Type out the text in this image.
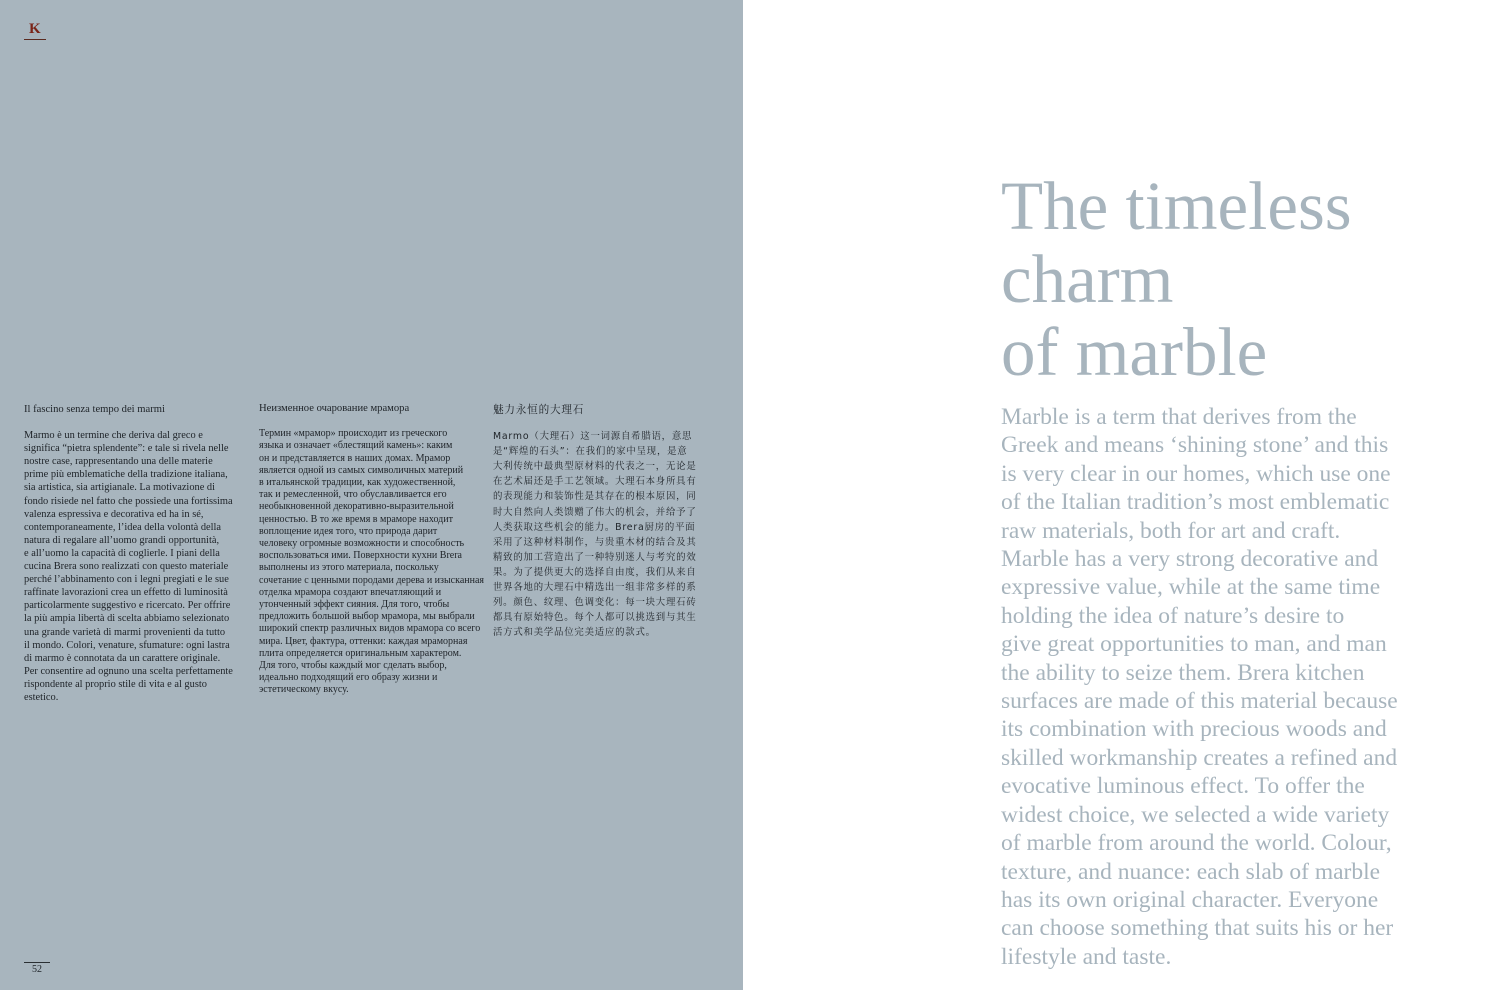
K

Il fascino senza tempo dei marmi

Marmo è un termine che deriva dal greco e
significa “pietra splendente”: e tale si rivela nelle
nostre case, rappresentando una delle materie
prime più emblematiche della tradizione italiana,
sia artistica, sia artigianale. La motivazione di
fondo risiede nel fatto che possiede una fortissima
valenza espressiva e decorativa ed ha in sé,
contemporaneamente, l’idea della volontà della
natura di regalare all’uomo grandi opportunità,
e all’uomo la capacità di coglierle. I piani della
cucina Brera sono realizzati con questo materiale
perché l’abbinamento con i legni pregiati e le sue
raffinate lavorazioni crea un effetto di luminosità
particolarmente suggestivo e ricercato. Per offrire
la più ampia libertà di scelta abbiamo selezionato
una grande varietà di marmi provenienti da tutto
il mondo. Colori, venature, sfumature: ogni lastra
di marmo è connotata da un carattere originale.
Per consentire ad ognuno una scelta perfettamente
rispondente al proprio stile di vita e al gusto
estetico.

Неизменное очарование мрамора

Термин «мрамор» происходит из греческого
языка и означает «блестящий камень»: каким
он и представляется в наших домах. Мрамор
является одной из самых символичных материй
в итальянской традиции, как художественной,
так и ремесленной, что обуславливается его
необыкновенной декоративно-выразительной
ценностью. В то же время в мраморе находит
воплощение идея того, что природа дарит
человеку огромные возможности и способность
воспользоваться ими. Поверхности кухни Brera
выполнены из этого материала, поскольку
сочетание с ценными породами дерева и изысканная
отделка мрамора создают впечатляющий и
утонченный эффект сияния. Для того, чтобы
предложить большой выбор мрамора, мы выбрали
широкий спектр различных видов мрамора со всего
мира. Цвет, фактура, оттенки: каждая мраморная
плита определяется оригинальным характером.
Для того, чтобы каждый мог сделать выбор,
идеально подходящий его образу жизни и
эстетическому вкусу.

魅力永恒的大理石

Marmo（大理石）这一词源自希腊语，意思
是“辉煌的石头”：在我们的家中呈现，是意
大利传统中最典型原材料的代表之一，无论是
在艺术届还是手工艺领域。大理石本身所具有
的表现能力和装饰性是其存在的根本原因，同
时大自然向人类馈赠了伟大的机会，并给予了
人类获取这些机会的能力。Brera厨房的平面
采用了这种材料制作，与贵重木材的结合及其
精致的加工营造出了一种特别迷人与考究的效
果。为了提供更大的选择自由度，我们从来自
世界各地的大理石中精选出一组非常多样的系
列。颜色、纹理、色调变化：每一块大理石砖
都具有原始特色。每个人都可以挑选到与其生
活方式和美学品位完美适应的款式。

52
The timeless
charm
of marble

Marble is a term that derives from the
Greek and means ‘shining stone’ and this
is very clear in our homes, which use one
of the Italian tradition’s most emblematic
raw materials, both for art and craft.
Marble has a very strong decorative and
expressive value, while at the same time
holding the idea of nature’s desire to
give great opportunities to man, and man
the ability to seize them. Brera kitchen
surfaces are made of this material because
its combination with precious woods and
skilled workmanship creates a refined and
evocative luminous effect. To offer the
widest choice, we selected a wide variety
of marble from around the world. Colour,
texture, and nuance: each slab of marble
has its own original character. Everyone
can choose something that suits his or her
lifestyle and taste.
